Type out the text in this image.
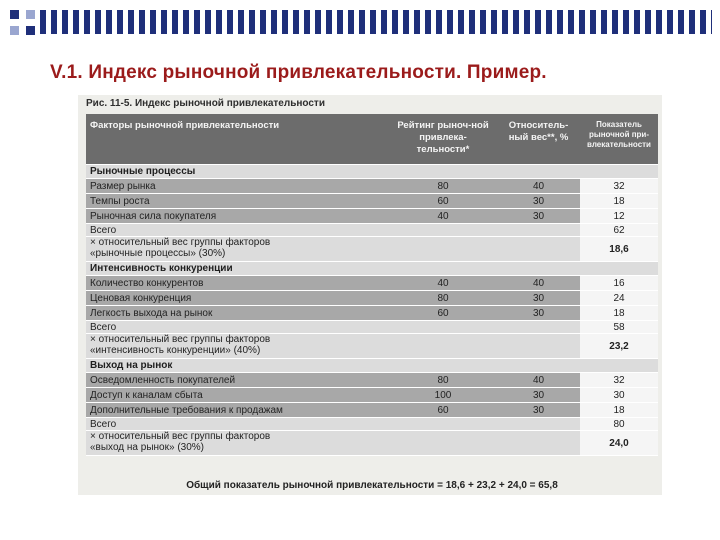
V.1. Индекс рыночной привлекательности. Пример.
Рис. 11-5. Индекс рыночной привлекательности
Факторы рыночной привлекательности	Рейтинг рыноч-ной привлека-тельности*	Относитель-ный вес**, %	Показатель рыночной при-влекательности
Рыночные процессы			
Размер рынка	80	40	32
Темпы роста	60	30	18
Рыночная сила покупателя	40	30	12
Всего			62

× относительный вес группы факторов
«рыночные процессы» (30%)			18,6
Интенсивность конкуренции			
Количество конкурентов	40	40	16
Ценовая конкуренция	80	30	24
Легкость выхода на рынок	60	30	18
Всего			58

× относительный вес группы факторов
«интенсивность конкуренции» (40%)			23,2
Выход на рынок			
Осведомленность покупателей	80	40	32
Доступ к каналам сбыта	100	30	30
Дополнительные требования к продажам	60	30	18
Всего			80

× относительный вес группы факторов
«выход на рынок» (30%)			24,0
Общий показатель рыночной привлекательности = 18,6 + 23,2 + 24,0 = 65,8
